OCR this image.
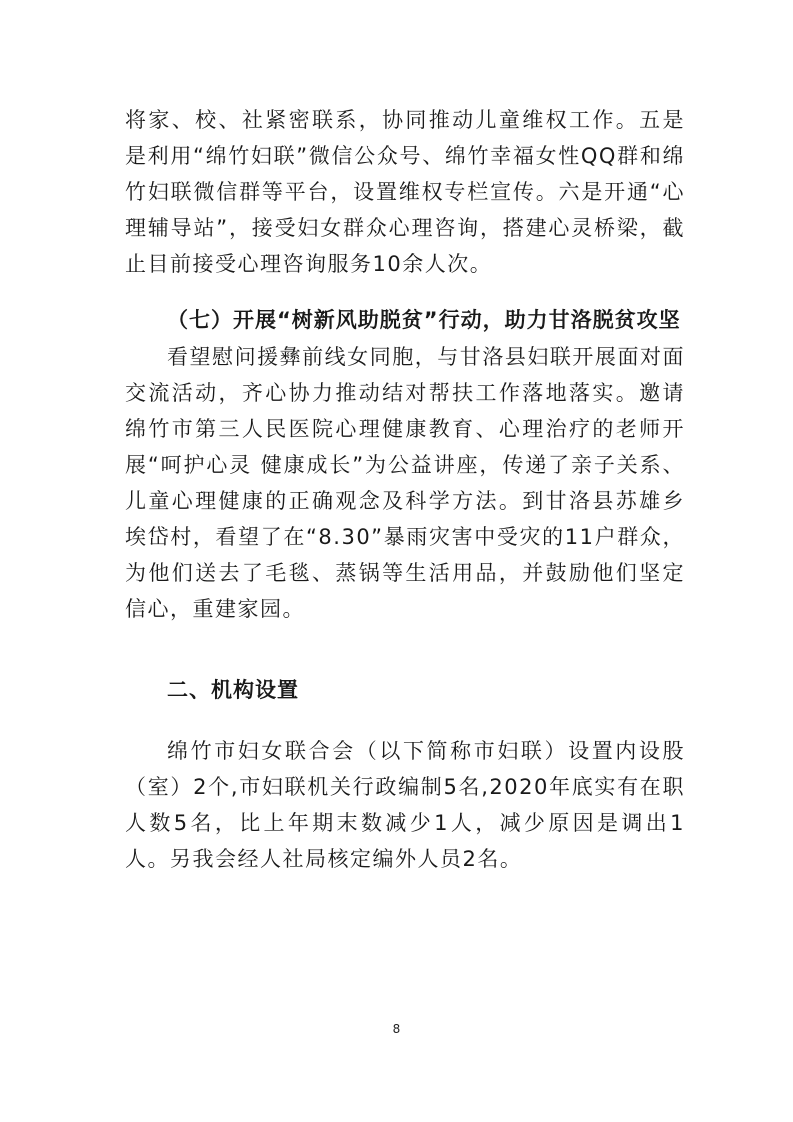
将家、校、社紧密联系，协同推动儿童维权工作。五是是利用“绵竹妇联”微信公众号、绵竹幸福女性QQ群和绵竹妇联微信群等平台，设置维权专栏宣传。六是开通“心理辅导站”，接受妇女群众心理咨询，搭建心灵桥梁，截止目前接受心理咨询服务10余人次。

（七）开展“树新风助脱贫”行动，助力甘洛脱贫攻坚

看望慰问援彝前线女同胞，与甘洛县妇联开展面对面交流活动，齐心协力推动结对帮扶工作落地落实。邀请绵竹市第三人民医院心理健康教育、心理治疗的老师开展“呵护心灵 健康成长”为公益讲座，传递了亲子关系、儿童心理健康的正确观念及科学方法。到甘洛县苏雄乡埃岱村，看望了在“8.30”暴雨灾害中受灾的11户群众，为他们送去了毛毯、蒸锅等生活用品，并鼓励他们坚定信心，重建家园。

二、机构设置

绵竹市妇女联合会（以下简称市妇联）设置内设股（室）2个,市妇联机关行政编制5名,2020年底实有在职人数5名，比上年期末数减少1人，减少原因是调出1人。另我会经人社局核定编外人员2名。

8
